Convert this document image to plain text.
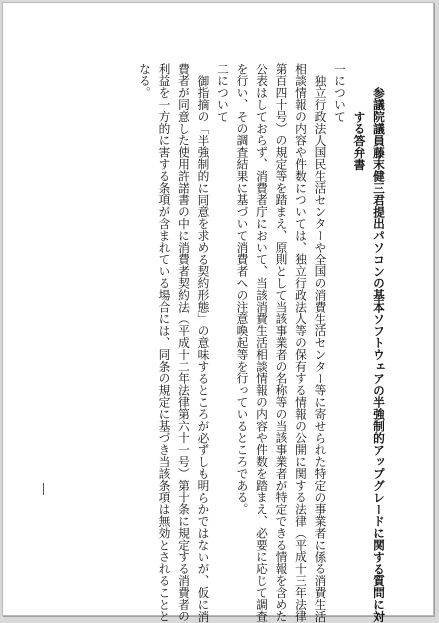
参議院議員藤末健三君提出パソコンの基本ソフトウェアの半強制的アップグレードに関する質問に対

する答弁書

一について

独立行政法人国民生活センターや全国の消費生活センター等に寄せられた特定の事業者に係る消費生活

相談情報の内容や件数については、独立行政法人等の保有する情報の公開に関する法律（平成十三年法律

第百四十号）の規定等を踏まえ、原則として当該事業者の名称等の当該事業者が特定できる情報を含めた

公表はしておらず、消費者庁において、当該消費生活相談情報の内容や件数を踏まえ、必要に応じて調査

を行い、その調査結果に基づいて消費者への注意喚起等を行っているところである。

二について

御指摘の「半強制的に同意を求める契約形態」の意味するところが必ずしも明らかではないが、仮に消

費者が同意した使用許諾書の中に消費者契約法（平成十二年法律第六十一号）第十条に規定する消費者の

利益を一方的に害する条項が含まれている場合には、同条の規定に基づき当該条項は無効とされることと

なる。
